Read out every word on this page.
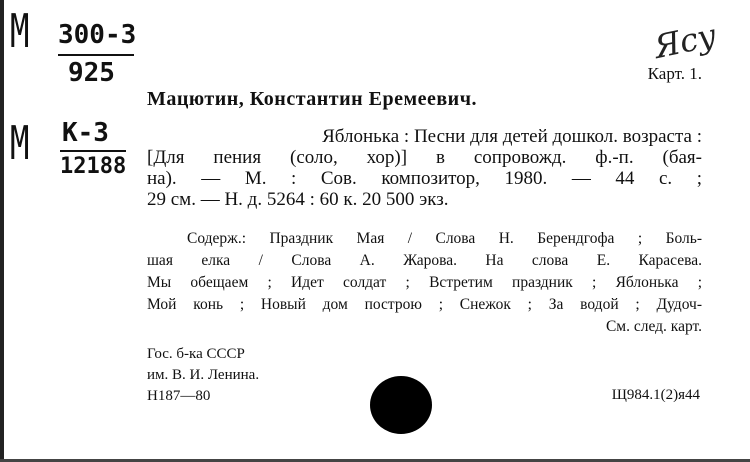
М 300-3
925
М К-3
12188
Ясу
Карт. 1.
Мацютин, Константин Еремеевич.
Яблонька : Песни для детей дошкол. возраста :
[Для пения (соло, хор)] в сопровожд. ф.-п. (бая-
на). — М. : Сов. композитор, 1980. — 44 с. ;
29 см. — Н. д. 5264 : 60 к. 20 500 экз.
Содерж.: Праздник Мая / Слова Н. Берендгофа ; Боль-
шая елка / Слова А. Жарова. На слова Е. Карасева.
Мы обещаем ; Идет солдат ; Встретим праздник ; Яблонька ;
Мой конь ; Новый дом построю ; Снежок ; За водой ; Дудоч-
См. след. карт.
Гос. б-ка СССР
им. В. И. Ленина.
Н187—80	Щ984.1(2)я44
